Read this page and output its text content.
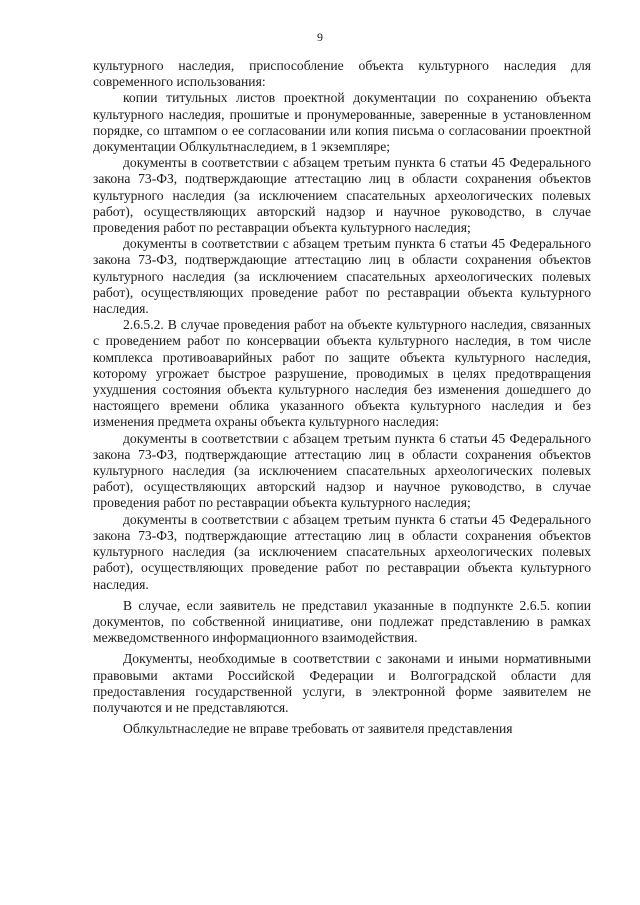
9

культурного наследия, приспособление объекта культурного наследия для современного использования:

копии титульных листов проектной документации по сохранению объекта культурного наследия, прошитые и пронумерованные, заверенные в установленном порядке, со штампом о ее согласовании или копия письма о согласовании проектной документации Облкультнаследием, в 1 экземпляре;

документы в соответствии с абзацем третьим пункта 6 статьи 45 Федерального закона 73-ФЗ, подтверждающие аттестацию лиц в области сохранения объектов культурного наследия (за исключением спасательных археологических полевых работ), осуществляющих авторский надзор и научное руководство, в случае проведения работ по реставрации объекта культурного наследия;

документы в соответствии с абзацем третьим пункта 6 статьи 45 Федерального закона 73-ФЗ, подтверждающие аттестацию лиц в области сохранения объектов культурного наследия (за исключением спасательных археологических полевых работ), осуществляющих проведение работ по реставрации объекта культурного наследия.

2.6.5.2. В случае проведения работ на объекте культурного наследия, связанных с проведением работ по консервации объекта культурного наследия, в том числе комплекса противоаварийных работ по защите объекта культурного наследия, которому угрожает быстрое разрушение, проводимых в целях предотвращения ухудшения состояния объекта культурного наследия без изменения дошедшего до настоящего времени облика указанного объекта культурного наследия и без изменения предмета охраны объекта культурного наследия:

документы в соответствии с абзацем третьим пункта 6 статьи 45 Федерального закона 73-ФЗ, подтверждающие аттестацию лиц в области сохранения объектов культурного наследия (за исключением спасательных археологических полевых работ), осуществляющих авторский надзор и научное руководство, в случае проведения работ по реставрации объекта культурного наследия;

документы в соответствии с абзацем третьим пункта 6 статьи 45 Федерального закона 73-ФЗ, подтверждающие аттестацию лиц в области сохранения объектов культурного наследия (за исключением спасательных археологических полевых работ), осуществляющих проведение работ по реставрации объекта культурного наследия.

В случае, если заявитель не представил указанные в подпункте 2.6.5. копии документов, по собственной инициативе, они подлежат представлению в рамках межведомственного информационного взаимодействия.

Документы, необходимые в соответствии с законами и иными нормативными правовыми актами Российской Федерации и Волгоградской области для предоставления государственной услуги, в электронной форме заявителем не получаются и не представляются.

Облкультнаследие не вправе требовать от заявителя представления
